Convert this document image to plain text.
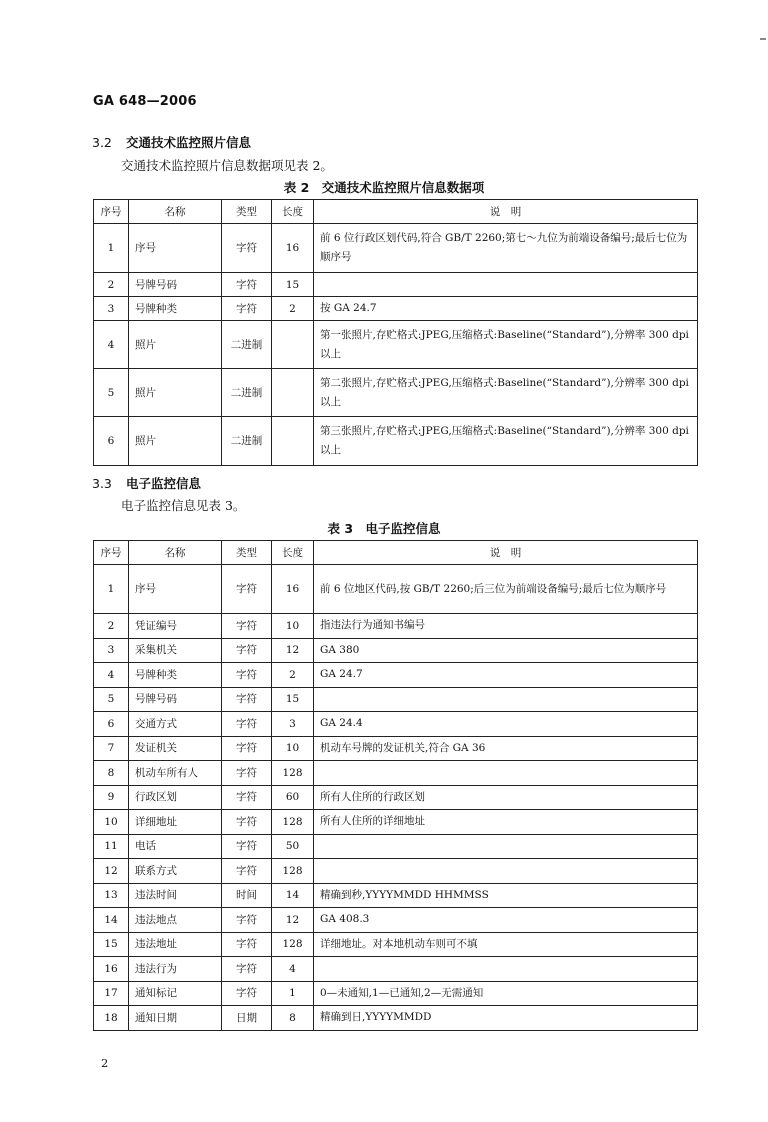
GA 648—2006
3.2 交通技术监控照片信息
交通技术监控照片信息数据项见表 2。
表 2　交通技术监控照片信息数据项
序号	名称	类型	长度	说　明
1	序号	字符	16	前 6 位行政区划代码,符合 GB/T 2260;第七～九位为前端设备编号;最后七位为顺序号
2	号牌号码	字符	15	
3	号牌种类	字符	2	按 GA 24.7
4	照片	二进制		第一张照片,存贮格式:JPEG,压缩格式:Baseline(“Standard”),分辨率 300 dpi 以上
5	照片	二进制		第二张照片,存贮格式:JPEG,压缩格式:Baseline(“Standard”),分辨率 300 dpi 以上
6	照片	二进制		第三张照片,存贮格式:JPEG,压缩格式:Baseline(“Standard”),分辨率 300 dpi 以上
3.3 电子监控信息
电子监控信息见表 3。
表 3　电子监控信息
序号	名称	类型	长度	说　明
1	序号	字符	16	前 6 位地区代码,按 GB/T 2260;后三位为前端设备编号;最后七位为顺序号
2	凭证编号	字符	10	指违法行为通知书编号
3	采集机关	字符	12	GA 380
4	号牌种类	字符	2	GA 24.7
5	号牌号码	字符	15	
6	交通方式	字符	3	GA 24.4
7	发证机关	字符	10	机动车号牌的发证机关,符合 GA 36
8	机动车所有人	字符	128	
9	行政区划	字符	60	所有人住所的行政区划
10	详细地址	字符	128	所有人住所的详细地址
11	电话	字符	50	
12	联系方式	字符	128	
13	违法时间	时间	14	精确到秒,YYYYMMDD HHMMSS
14	违法地点	字符	12	GA 408.3
15	违法地址	字符	128	详细地址。对本地机动车则可不填
16	违法行为	字符	4	
17	通知标记	字符	1	0—未通知,1—已通知,2—无需通知
18	通知日期	日期	8	精确到日,YYYYMMDD
2
